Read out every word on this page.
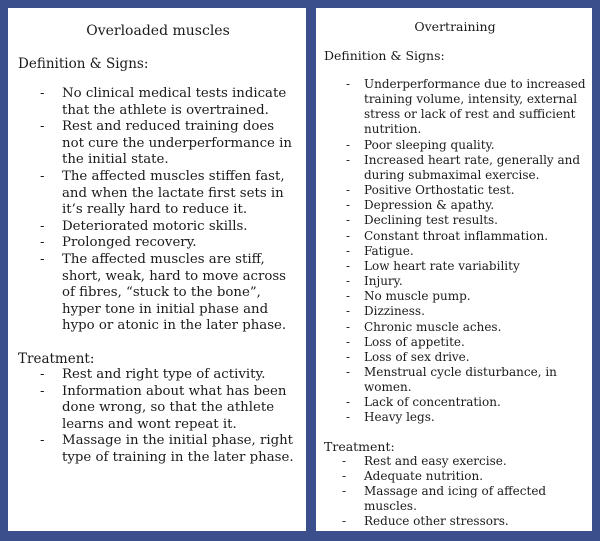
Overloaded muscles
Definition & Signs:
- No clinical medical tests indicate that the athlete is overtrained.
- Rest and reduced training does not cure the underperformance in the initial state.
- The affected muscles stiffen fast, and when the lactate first sets in it’s really hard to reduce it.
- Deteriorated motoric skills.
- Prolonged recovery.
- The affected muscles are stiff, short, weak, hard to move across of fibres, “stuck to the bone”, hyper tone in initial phase and hypo or atonic in the later phase.
Treatment:
- Rest and right type of activity.
- Information about what has been done wrong, so that the athlete learns and wont repeat it.
- Massage in the initial phase, right type of training in the later phase.
Overtraining
Definition & Signs:
- Underperformance due to increased training volume, intensity, external stress or lack of rest and sufficient nutrition.
- Poor sleeping quality.
- Increased heart rate, generally and during submaximal exercise.
- Positive Orthostatic test.
- Depression & apathy.
- Declining test results.
- Constant throat inflammation.
- Fatigue.
- Low heart rate variability
- Injury.
- No muscle pump.
- Dizziness.
- Chronic muscle aches.
- Loss of appetite.
- Loss of sex drive.
- Menstrual cycle disturbance, in women.
- Lack of concentration.
- Heavy legs.
Treatment:
- Rest and easy exercise.
- Adequate nutrition.
- Massage and icing of affected muscles.
- Reduce other stressors.
